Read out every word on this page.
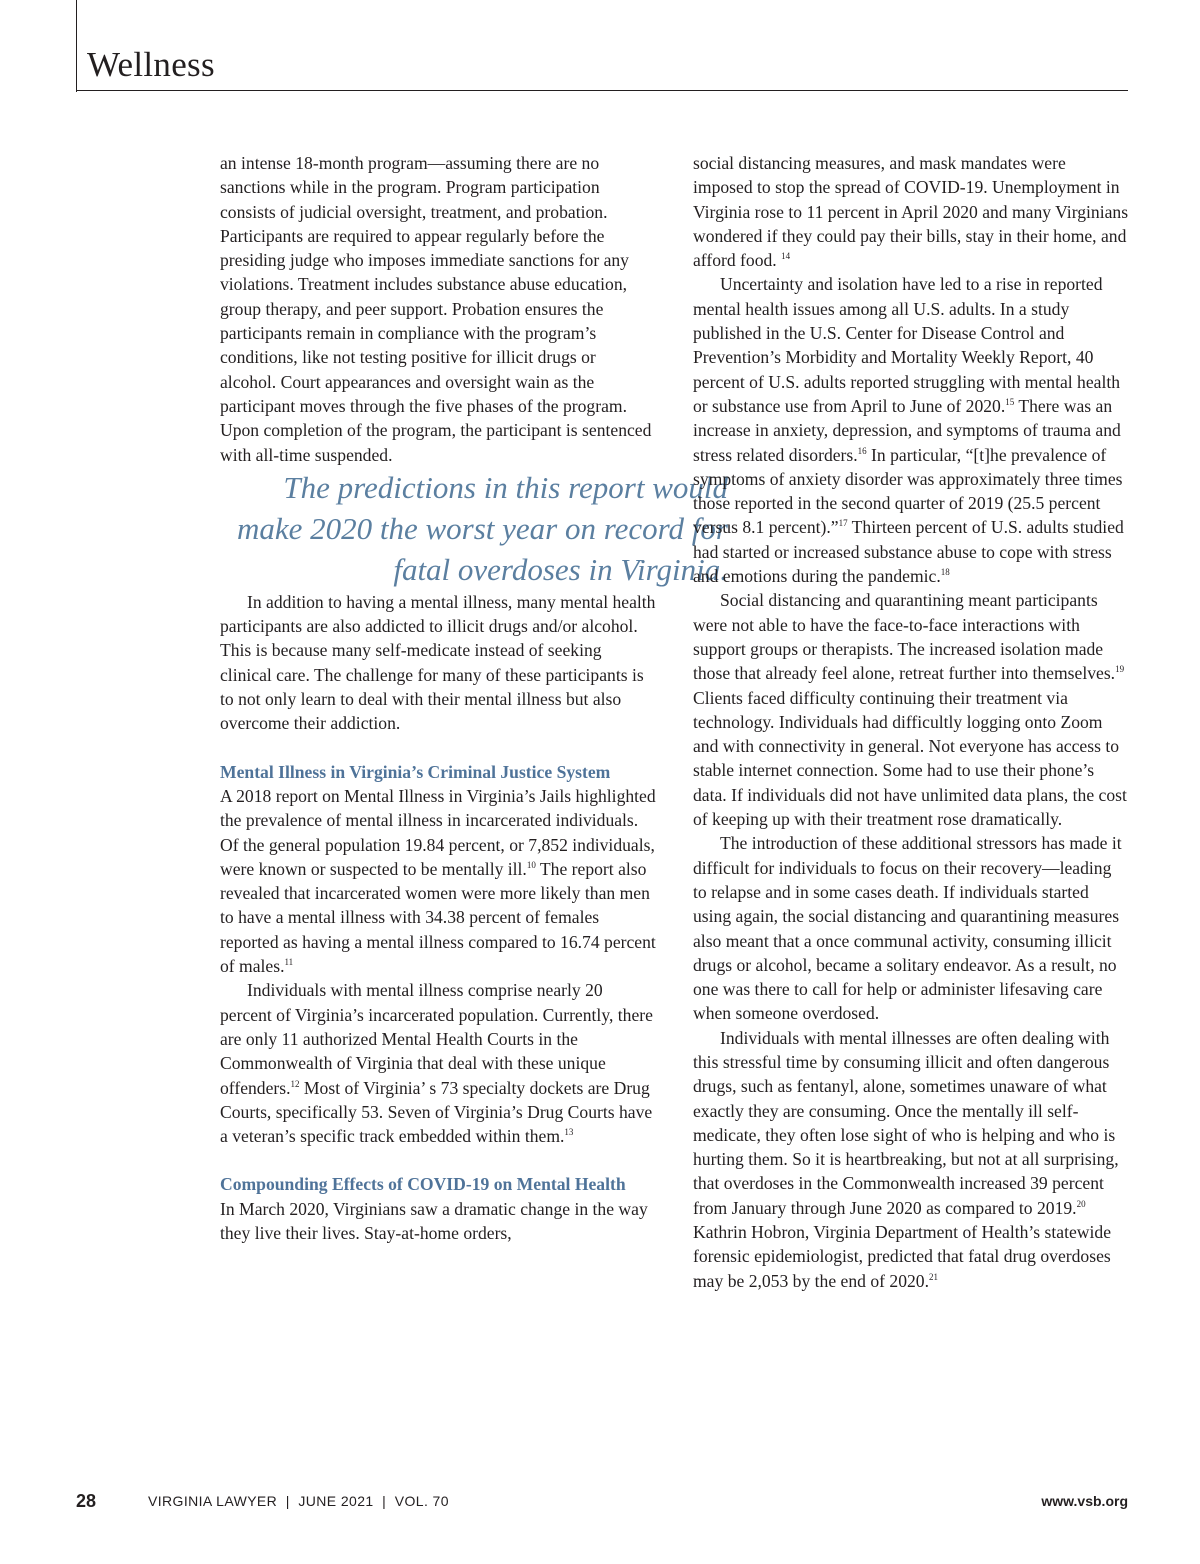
Wellness

an intense 18-month program—assuming there are no sanctions while in the program. Program participation consists of judicial oversight, treatment, and probation. Participants are required to appear regularly before the presiding judge who imposes immediate sanctions for any violations. Treatment includes substance abuse education, group therapy, and peer support. Probation ensures the participants remain in compliance with the program’s conditions, like not testing positive for illicit drugs or alcohol. Court appearances and oversight wain as the participant moves through the five phases of the program. Upon completion of the program, the participant is sentenced with all-time suspended.

The predictions in this report would make 2020 the worst year on record for fatal overdoses in Virginia.

In addition to having a mental illness, many mental health participants are also addicted to illicit drugs and/or alcohol. This is because many self-medicate instead of seeking clinical care. The challenge for many of these participants is to not only learn to deal with their mental illness but also overcome their addiction.

Mental Illness in Virginia’s Criminal Justice System

A 2018 report on Mental Illness in Virginia’s Jails highlighted the prevalence of mental illness in incarcerated individuals. Of the general population 19.84 percent, or 7,852 individuals, were known or suspected to be mentally ill.$^{10}$ The report also revealed that incarcerated women were more likely than men to have a mental illness with 34.38 percent of females reported as having a mental illness compared to 16.74 percent of males.$^{11}$

Individuals with mental illness comprise nearly 20 percent of Virginia’s incarcerated population. Currently, there are only 11 authorized Mental Health Courts in the Commonwealth of Virginia that deal with these unique offenders.$^{12}$ Most of Virginia’ s 73 specialty dockets are Drug Courts, specifically 53. Seven of Virginia’s Drug Courts have a veteran’s specific track embedded within them.$^{13}$

Compounding Effects of COVID-19 on Mental Health

In March 2020, Virginians saw a dramatic change in the way they live their lives. Stay-at-home orders,

social distancing measures, and mask mandates were imposed to stop the spread of COVID-19. Unemployment in Virginia rose to 11 percent in April 2020 and many Virginians wondered if they could pay their bills, stay in their home, and afford food. $^{14}$

Uncertainty and isolation have led to a rise in reported mental health issues among all U.S. adults. In a study published in the U.S. Center for Disease Control and Prevention’s Morbidity and Mortality Weekly Report, 40 percent of U.S. adults reported struggling with mental health or substance use from April to June of 2020.15 There was an increase in anxiety, depression, and symptoms of trauma and stress related disorders.$^{16}$ In particular, “[t]he prevalence of symptoms of anxiety disorder was approximately three times those reported in the second quarter of 2019 (25.5 percent versus 8.1 percent).”$^{17}$ Thirteen percent of U.S. adults studied had started or increased substance abuse to cope with stress and emotions during the pandemic.$^{18}$

Social distancing and quarantining meant participants were not able to have the face-to-face interactions with support groups or therapists. The increased isolation made those that already feel alone, retreat further into themselves.$^{19}$ Clients faced difficulty continuing their treatment via technology. Individuals had difficultly logging onto Zoom and with connectivity in general. Not everyone has access to stable internet connection. Some had to use their phone’s data. If individuals did not have unlimited data plans, the cost of keeping up with their treatment rose dramatically.

The introduction of these additional stressors has made it difficult for individuals to focus on their recovery—leading to relapse and in some cases death. If individuals started using again, the social distancing and quarantining measures also meant that a once communal activity, consuming illicit drugs or alcohol, became a solitary endeavor. As a result, no one was there to call for help or administer lifesaving care when someone overdosed.

Individuals with mental illnesses are often dealing with this stressful time by consuming illicit and often dangerous drugs, such as fentanyl, alone, sometimes unaware of what exactly they are consuming. Once the mentally ill self-medicate, they often lose sight of who is helping and who is hurting them. So it is heartbreaking, but not at all surprising, that overdoses in the Commonwealth increased 39 percent from January through June 2020 as compared to 2019.20 Kathrin Hobron, Virginia Department of Health’s statewide forensic epidemiologist, predicted that fatal drug overdoses may be 2,053 by the end of 2020.21

28	VIRGINIA LAWYER  |  JUNE 2021  |  VOL. 70	www.vsb.org
